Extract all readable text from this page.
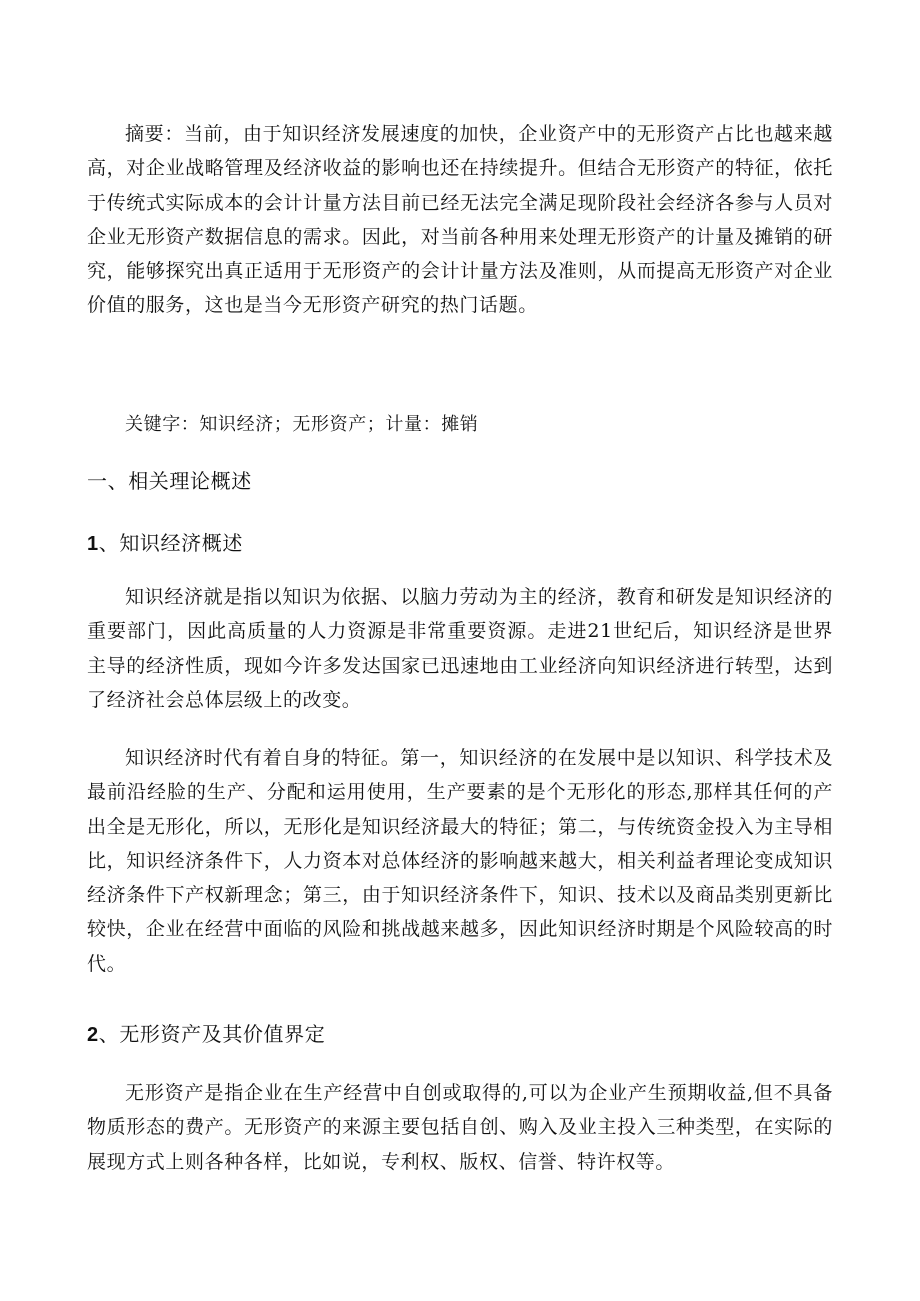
摘要：当前，由于知识经济发展速度的加快，企业资产中的无形资产占比也越来越高，对企业战略管理及经济收益的影响也还在持续提升。但结合无形资产的特征，依托于传统式实际成本的会计计量方法目前已经无法完全满足现阶段社会经济各参与人员对企业无形资产数据信息的需求。因此，对当前各种用来处理无形资产的计量及摊销的研究，能够探究出真正适用于无形资产的会计计量方法及准则，从而提高无形资产对企业价值的服务，这也是当今无形资产研究的热门话题。

关键字：知识经济；无形资产；计量：摊销

一、相关理论概述
1、知识经济概述

知识经济就是指以知识为依据、以脑力劳动为主的经济，教育和研发是知识经济的重要部门，因此高质量的人力资源是非常重要资源。走进21世纪后，知识经济是世界主导的经济性质，现如今许多发达国家已迅速地由工业经济向知识经济进行转型，达到了经济社会总体层级上的改变。

知识经济时代有着自身的特征。第一，知识经济的在发展中是以知识、科学技术及最前沿经脸的生产、分配和运用使用，生产要素的是个无形化的形态,那样其任何的产出全是无形化，所以，无形化是知识经济最大的特征；第二，与传统资金投入为主导相比，知识经济条件下，人力资本对总体经济的影响越来越大，相关利益者理论变成知识经济条件下产权新理念；第三，由于知识经济条件下，知识、技术以及商品类别更新比较快，企业在经营中面临的风险和挑战越来越多，因此知识经济时期是个风险较高的时代。

2、无形资产及其价值界定

无形资产是指企业在生产经营中自创或取得的,可以为企业产生预期收益,但不具备物质形态的费产。无形资产的来源主要包括自创、购入及业主投入三种类型，在实际的展现方式上则各种各样，比如说，专利权、版权、信誉、特许权等。
